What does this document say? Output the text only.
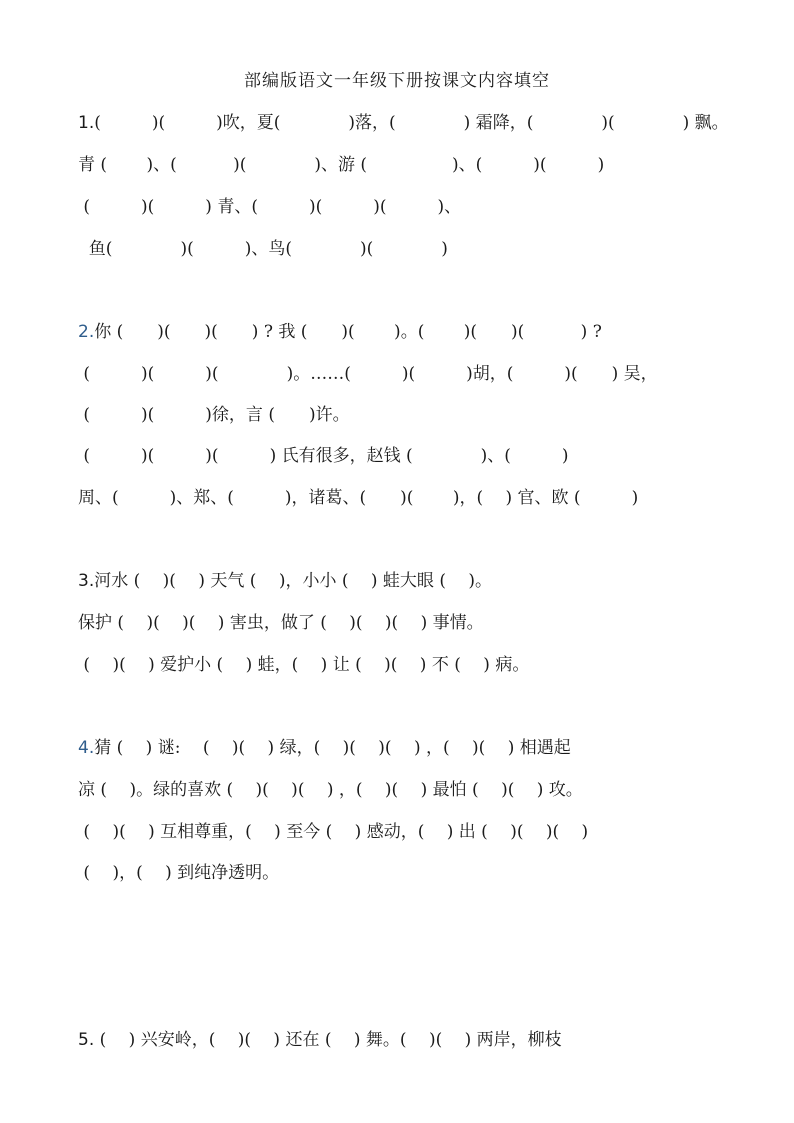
部编版语文一年级下册按课文内容填空
1.(　　　)(　　　)吹，夏(　　　　)落，(　　　　) 霜降，(　　　　)(　　　　) 飘。
青 (　　 )、(　　　 )(　　　　)、游 (　　　　　)、(　　　)(　　　)
(　　　)(　　　) 青、(　　　)(　　　)(　　　)、
鱼(　　　　)(　　　)、鸟(　　　　)(　　　　)
2.你 (　　)(　　)(　　) ? 我 (　　)(　　 )。(　　 )(　　)(　　　 ) ?
(　　　)(　　　)(　　　　)。……(　　　)(　　　)胡，(　　　)(　　) 吴，
(　　　)(　　　)徐，言 (　　)许。
(　　　)(　　　)(　　　) 氏有很多，赵钱 (　　　　)、(　　　)
周、(　　　)、郑、(　　　)，诸葛、(　　)(　　 )，(　 ) 官、欧 (　　　)
3.河水 (　 )(　 ) 天气 (　 )，小小 (　 ) 蛙大眼 (　 )。
保护 (　 )(　 )(　 ) 害虫，做了 (　 )(　 )(　 ) 事情。
(　 )(　 ) 爱护小 (　 ) 蛙，(　 ) 让 (　 )(　 ) 不 (　 ) 病。
4.猜 (　 ) 谜:　 (　 )(　 ) 绿，(　 )(　 )(　 ) ，(　 )(　 ) 相遇起
凉 (　 )。绿的喜欢 (　 )(　 )(　 ) ，(　 )(　 ) 最怕 (　 )(　 ) 攻。
(　 )(　 ) 互相尊重，(　 ) 至今 (　 ) 感动，(　 ) 出 (　 )(　 )(　 )
(　 )，(　 ) 到纯净透明。
5. (　 ) 兴安岭，(　 )(　 ) 还在 (　 ) 舞。(　 )(　 ) 两岸，柳枝
